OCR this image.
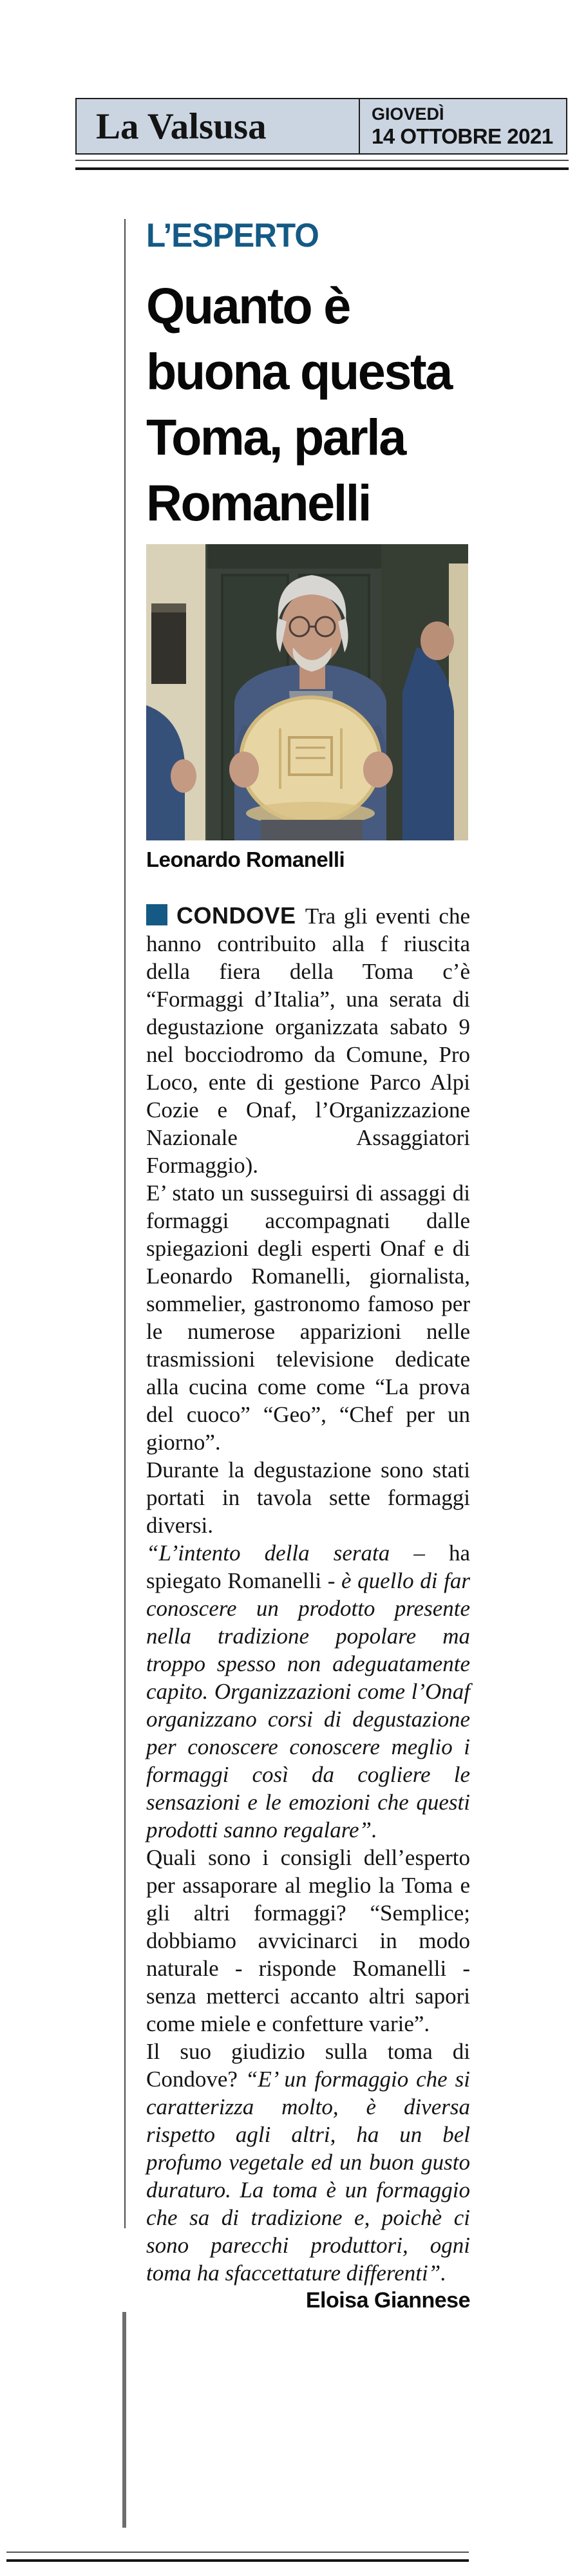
La Valsusa	GIOVEDÌ
14 OTTOBRE 2021
L’ESPERTO
Quanto è buona questa Toma, parla Romanelli
Leonardo Romanelli

CONDOVE Tra gli eventi che hanno contribuito alla f riuscita della fiera della Toma c’è “Formaggi d’Italia”, una serata di degustazione organizzata sabato 9 nel bocciodromo da Comune, Pro Loco, ente di gestione Parco Alpi Cozie e Onaf, l’Organizzazione Nazionale Assaggiatori Formaggio).

E’ stato un susseguirsi di assaggi di formaggi accompagnati dalle spiegazioni degli esperti Onaf e di Leonardo Romanelli, giornalista, sommelier, gastronomo famoso per le numerose apparizioni nelle trasmissioni televisione dedicate alla cucina come come “La prova del cuoco” “Geo”, “Chef per un giorno”.

Durante la degustazione sono stati portati in tavola sette formaggi diversi.

“L’intento della serata – ha spiegato Romanelli - è quello di far conoscere un prodotto presente nella tradizione popolare ma troppo spesso non adeguatamente capito. Organizzazioni come l’Onaf organizzano corsi di degustazione per conoscere conoscere meglio i formaggi così da cogliere le sensazioni e le emozioni che questi prodotti sanno regalare”.

Quali sono i consigli dell’esperto per assaporare al meglio la Toma e gli altri formaggi? “Semplice; dobbiamo avvicinarci in modo naturale - risponde Romanelli - senza metterci accanto altri sapori come miele e confetture varie”.

Il suo giudizio sulla toma di Condove? “E’ un formaggio che si caratterizza molto, è diversa rispetto agli altri, ha un bel profumo vegetale ed un buon gusto duraturo. La toma è un formaggio che sa di tradizione e, poichè ci sono parecchi produttori, ogni toma ha sfaccettature differenti”.

Eloisa Giannese
